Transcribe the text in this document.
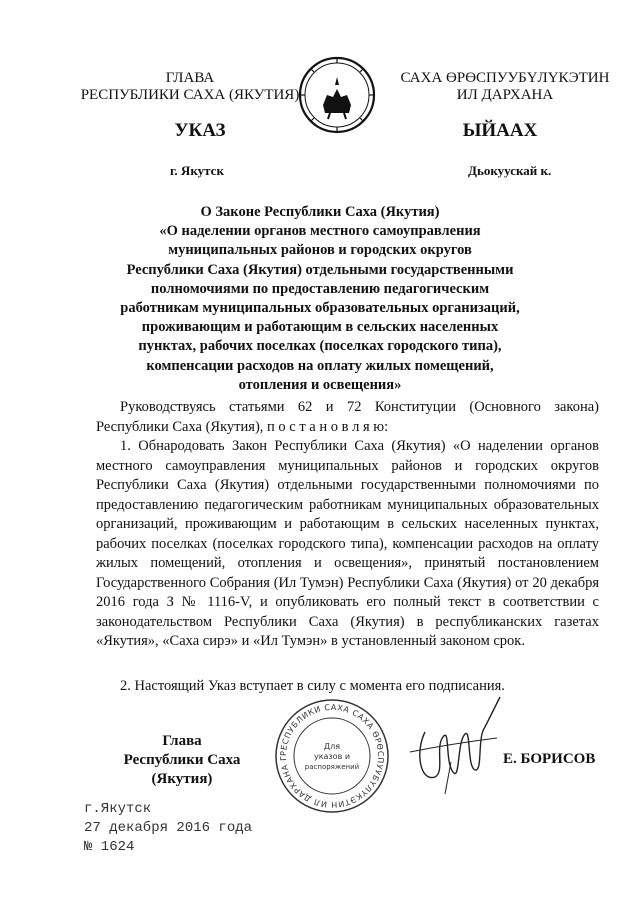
ГЛАВА
РЕСПУБЛИКИ САХА (ЯКУТИЯ)
САХА ӨРӨСПУУБҮЛҮКЭТИН
ИЛ ДАРХАНА
УКАЗ	ЫЙААХ
г. Якутск	Дьокуускай к.
О Законе Республики Саха (Якутия)
«О наделении органов местного самоуправления
муниципальных районов и городских округов
Республики Саха (Якутия) отдельными государственными
полномочиями по предоставлению педагогическим
работникам муниципальных образовательных организаций,
проживающим и работающим в сельских населенных
пунктах, рабочих поселках (поселках городского типа),
компенсации расходов на оплату жилых помещений,
отопления и освещения»
Руководствуясь статьями 62 и 72 Конституции (Основного закона) Республики Саха (Якутия), п о с т а н о в л я ю:
1. Обнародовать Закон Республики Саха (Якутия) «О наделении органов местного самоуправления муниципальных районов и городских округов Республики Саха (Якутия) отдельными государственными полномочиями по предоставлению педагогическим работникам муниципальных образовательных организаций, проживающим и работающим в сельских населенных пунктах, рабочих поселках (поселках городского типа), компенсации расходов на оплату жилых помещений, отопления и освещения», принятый постановлением Государственного Собрания (Ил Тумэн) Республики Саха (Якутия) от 20 декабря 2016 года З № 1116-V, и опубликовать его полный текст в соответствии с законодательством Республики Саха (Якутия) в республиканских газетах «Якутия», «Саха сирэ» и «Ил Тумэн» в установленный законом срок.
2. Настоящий Указ вступает в силу с момента его подписания.
РЕСПУБЛИКИ САХА САХА ӨРӨСПУУБҮЛҮКЭТИН ИЛ ДАРХАНА Г
Для
указов и
распоряжений
Глава
Республики Саха (Якутия)
Е. БОРИСОВ
г.Якутск
27 декабря 2016 года
№ 1624
